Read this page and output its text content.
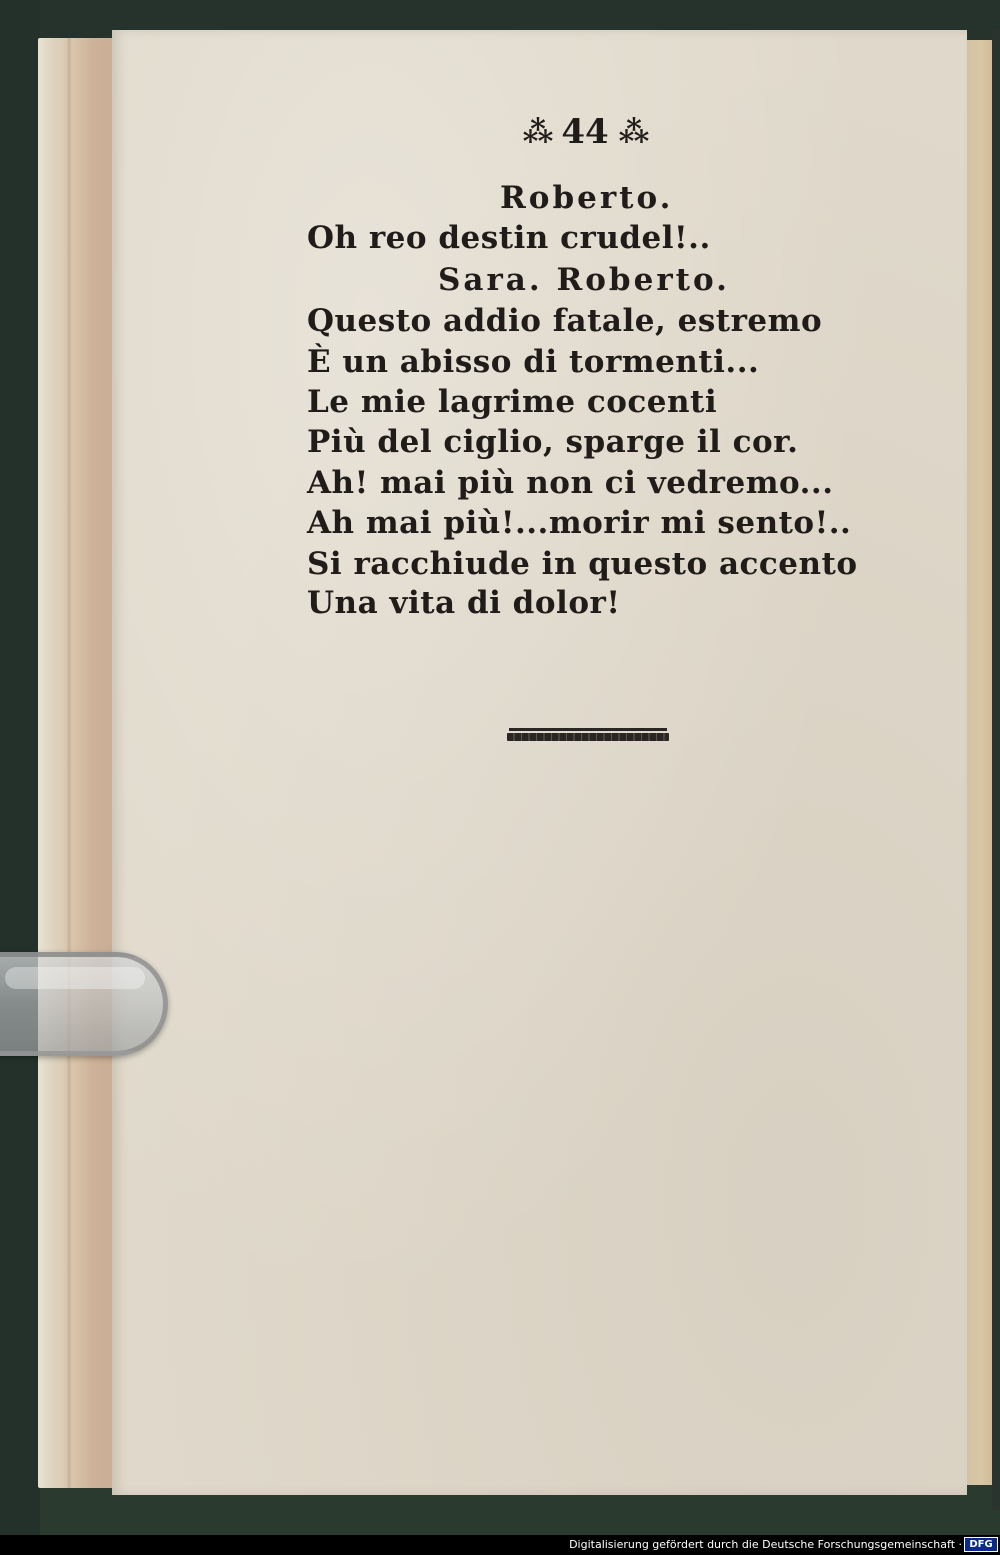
⁂ 44 ⁂
Roberto.
Oh reo destin crudel!..
Sara. Roberto.
Questo addio fatale, estremo
È un abisso di tormenti...
Le mie lagrime cocenti
Più del ciglio, sparge il cor.
Ah! mai più non ci vedremo...
Ah mai più!...morir mi sento!..
Si racchiude in questo accento
Una vita di dolor!
Digitalisierung gefördert durch die Deutsche Forschungsgemeinschaft · DFG
